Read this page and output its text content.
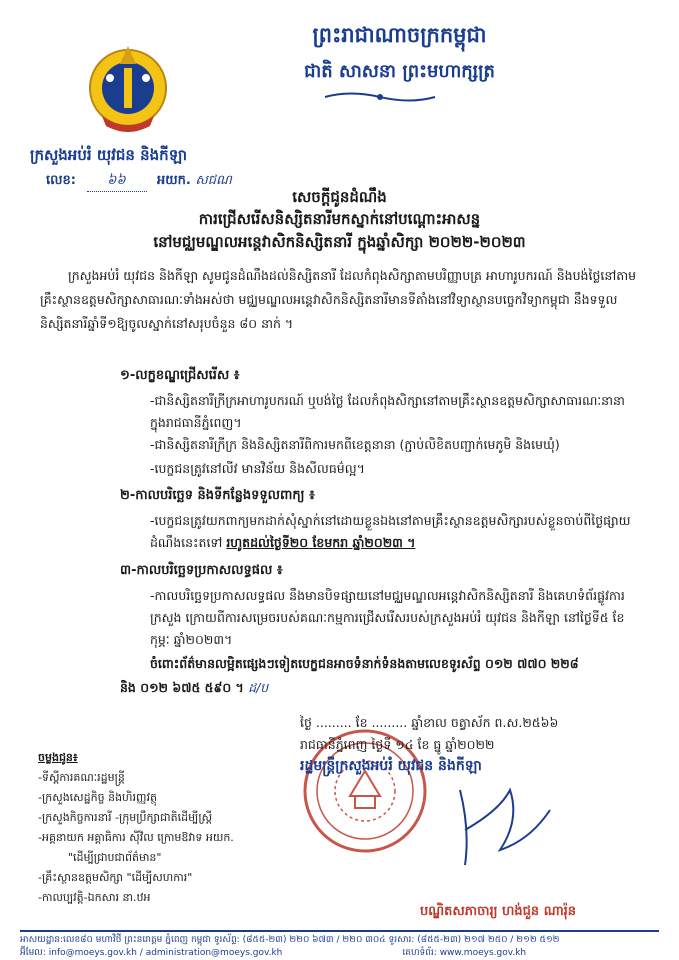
ព្រះរាជាណាចក្រកម្ពុជា
ជាតិ សាសនា ព្រះមហាក្សត្រ
ក្រសួងអប់រំ យុវជន និងកីឡា
លេខ: ៦៦ អយក. សជណ
សេចក្តីជូនដំណឹង
ការជ្រើសរើសនិស្សិតនារីមកស្នាក់នៅបណ្តោះអាសន្ន
នៅមជ្ឈមណ្ឌលអន្តេវាសិកនិស្សិតនារី ក្នុងឆ្នាំសិក្សា ២០២២-២០២៣
ក្រសួងអប់រំ យុវជន និងកីឡា សូមជូនដំណឹងដល់និស្សិតនារី ដែលកំពុងសិក្សាតាមបរិញ្ញាបត្រ អាហារូបករណ៍ និងបង់ថ្លៃនៅតាមគ្រឹះស្ថានឧត្តមសិក្សាសាធារណៈទាំងអស់ថា មជ្ឈមណ្ឌលអន្តេវាសិកនិស្សិតនារីមានទីតាំងនៅវិទ្យាស្ថានបច្ចេកវិទ្យាកម្ពុជា នឹងទទួលនិស្សិតនារីឆ្នាំទី១ឱ្យចូលស្នាក់នៅសរុបចំនួន ៨០ នាក់ ។
១-លក្ខខណ្ឌជ្រើសរើស ៖
-ជានិស្សិតនារីក្រីក្រអាហារូបករណ៍ ឬបង់ថ្លៃ ដែលកំពុងសិក្សានៅតាមគ្រឹះស្ថានឧត្តមសិក្សាសាធារណៈនានាក្នុងរាជធានីភ្នំពេញ។
-ជានិស្សិតនារីក្រីក្រ និងនិស្សិតនារីពិការមកពីខេត្តនានា (ភ្ជាប់លិខិតបញ្ជាក់មេភូមិ និងមេឃុំ)
-បេក្ខជនត្រូវនៅលីវ មានវិន័យ និងសីលធម៌ល្អ។
២-កាលបរិច្ឆេទ និងទីកន្លែងទទួលពាក្យ ៖
-បេក្ខជនត្រូវយកពាក្យមកដាក់សុំស្នាក់នៅដោយខ្លួនឯងនៅតាមគ្រឹះស្ថានឧត្តមសិក្សារបស់ខ្លួនចាប់ពីថ្ងៃផ្សាយដំណឹងនេះតទៅ រហូតដល់ថ្ងៃទី២០ ខែមករា ឆ្នាំ២០២៣ ។
៣-កាលបរិច្ឆេទប្រកាសលទ្ធផល ៖
-កាលបរិច្ឆេទប្រកាសលទ្ធផល នឹងមានបិទផ្សាយនៅមជ្ឈមណ្ឌលអន្តេវាសិកនិស្សិតនារី និងគេហទំព័រផ្លូវការក្រសួង ក្រោយពីការសម្រេចរបស់គណៈកម្មការជ្រើសរើសរបស់ក្រសួងអប់រំ យុវជន និងកីឡា នៅថ្ងៃទី៥ ខែកុម្ភៈ ឆ្នាំ២០២៣។
ចំពោះព័ត៌មានលម្អិតផ្សេងៗទៀតបេក្ខជនអាចទំនាក់ទំនងតាមលេខទូរស័ព្ទ ០១២ ៧៧០ ២២៨
និង ០១២ ៦៧៥ ៥៩០ ។ ដ/ប
ថ្ងៃ ......... ខែ ......... ឆ្នាំខាល ចត្វាស័ក ព.ស.២៥៦៦
រាជធានីភ្នំពេញ ថ្ងៃទី ១៤ ខែ ធ្នូ ឆ្នាំ២០២២
រដ្ឋមន្ត្រីក្រសួងអប់រំ យុវជន និងកីឡា
ចម្លងជូន៖
-ទីស្តីការគណៈរដ្ឋមន្ត្រី
-ក្រសួងសេដ្ឋកិច្ច និងហិរញ្ញវត្ថុ
-ក្រសួងកិច្ចការនារី -ក្រុមប្រឹក្សាជាតិដើម្បីស្ត្រី
-អគ្គនាយក អគ្គាធិការ ស៊ីវិល ក្រោមឱវាទ អយក.
"ដើម្បីជ្រាបជាព័ត៌មាន"
-គ្រឹះស្ថានឧត្តមសិក្សា "ដើម្បីសហការ"
-កាលប្បវត្តិ-ឯកសារ នា.ឋអ
បណ្ឌិតសភាចារ្យ ហង់ជួន ណារ៉ុន
អាសយដ្ឋាន:លេខ៨០ មហាវិថី ព្រះនរោត្តម ភ្នំពេញ កម្ពុជា ទូរស័ព្ទ: (៨៥៥-២៣) ២២០ ៦៧៣ / ២២០ ៣០៤ ទូរសារ: (៨៥៥-២៣) ២១៧ ២៥០ / ២១២ ៥១២
អ៊ីមែល: info@moeys.gov.kh / administration@moeys.gov.kh	គេហទំព័រ: www.moeys.gov.kh
